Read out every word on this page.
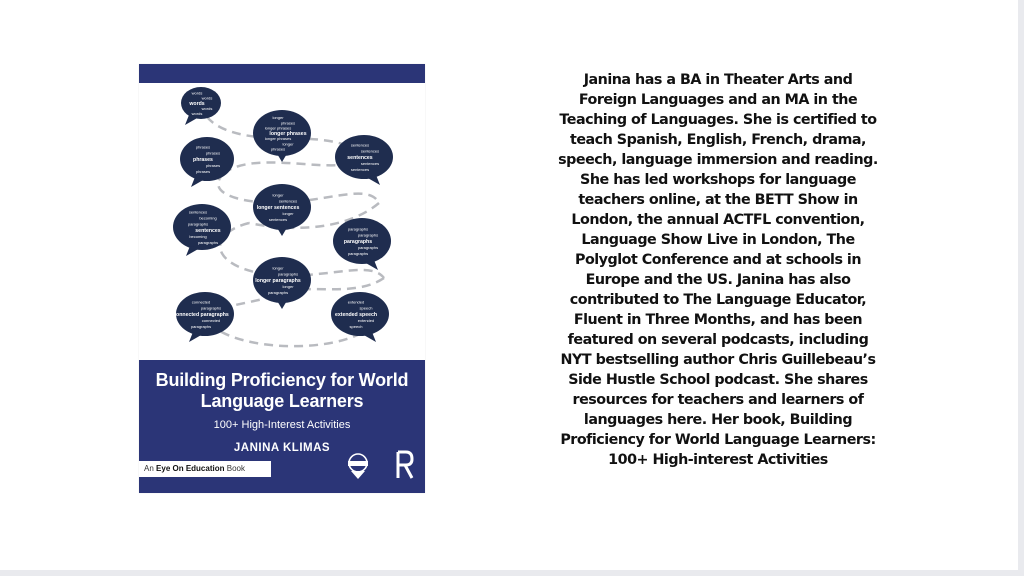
words
words
words
words
words
longer
phrases
longer phrases
longer phrases
longer phrases
longer
phrases
phrases
phrases
phrases
phrases
phrases
sentences
sentences
sentences
sentences
sentences
longer
sentences
longer sentences
longer
sentences
sentences
becoming
paragraphs
sentences
becoming
paragraphs
paragraphs
paragraphs
paragraphs
paragraphs
paragraphs
longer
paragraphs
longer paragraphs
longer
paragraphs
connected
paragraphs
connected paragraphs
connected
paragraphs
extended
speech
extended speech
extended
speech
Building Proficiency for World Language Learners
100+ High-Interest Activities
JANINA KLIMAS
An Eye On Education Book
Janina has a BA in Theater Arts and Foreign Languages and an MA in the Teaching of Languages. She is certified to teach Spanish, English, French, drama, speech, language immersion and reading. She has led workshops for language teachers online, at the BETT Show in London, the annual ACTFL convention, Language Show Live in London, The Polyglot Conference and at schools in Europe and the US. Janina has also contributed to The Language Educator, Fluent in Three Months, and has been featured on several podcasts, including NYT bestselling author Chris Guillebeau’s Side Hustle School podcast. She shares resources for teachers and learners of languages here. Her book, Building Proficiency for World Language Learners: 100+ High-interest Activities
